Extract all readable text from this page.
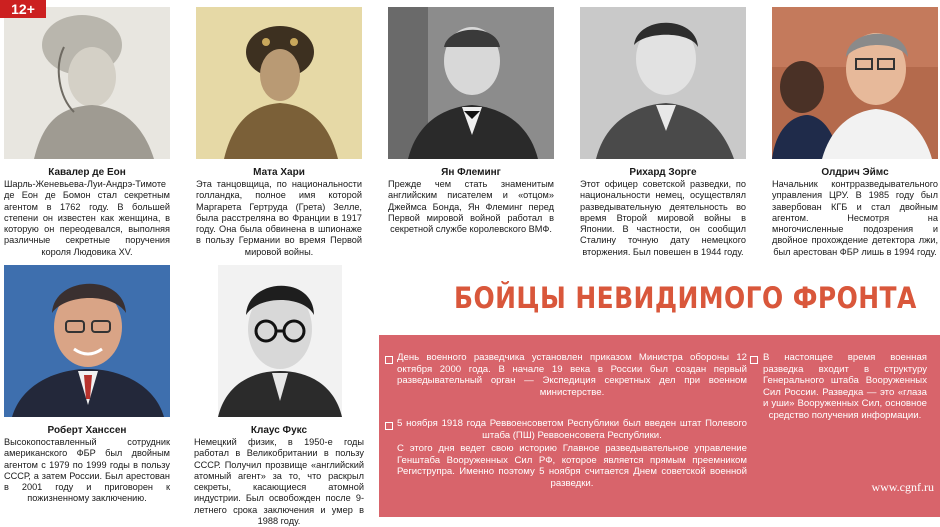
12+
Кавалер де Еон
Шарль-Женевьева-Луи-Андрэ-Тимоте де Еон де Бомон стал секретным агентом в 1762 году. В большей степени он известен как женщина, в которую он переодевался, выполняя различные секретные поручения короля Людовика XV.
Мата Хари
Эта танцовщица, по национальности голландка, полное имя которой Маргарета Гертруда (Грета) Зелле, была расстреляна во Франции в 1917 году. Она была обвинена в шпионаже в пользу Германии во время Первой мировой войны.
Ян Флеминг
Прежде чем стать знаменитым английским писателем и «отцом» Джеймса Бонда, Ян Флеминг перед Первой мировой войной работал в секретной службе королевского ВМФ.
Рихард Зорге
Этот офицер советской разведки, по национальности немец, осуществлял разведывательную деятельность во время Второй мировой войны в Японии. В частности, он сообщил Сталину точную дату немецкого вторжения. Был повешен в 1944 году.
Олдрич Эймс
Начальник контрразведывательного управления ЦРУ. В 1985 году был завербован КГБ и стал двойным агентом. Несмотря на многочисленные подозрения и двойное прохождение детектора лжи, был арестован ФБР лишь в 1994 году.
Роберт Ханссен
Высокопоставленный сотрудник американского ФБР был двойным агентом с 1979 по 1999 годы в пользу СССР, а затем России. Был арестован в 2001 году и приговорен к пожизненному заключению.
Клаус Фукс
Немецкий физик, в 1950-е годы работал в Великобритании в пользу СССР. Получил прозвище «английский атомный агент» за то, что раскрыл секреты, касающиеся атомной индустрии. Был освобожден после 9-летнего срока заключения и умер в 1988 году.
БОЙЦЫ НЕВИДИМОГО ФРОНТА
День военного разведчика установлен приказом Министра обороны 12 октября 2000 года. В начале 19 века в России был создан первый разведывательный орган — Экспедиция секретных дел при военном министерстве.
5 ноября 1918 года Реввоенсоветом Республики был введен штат Полевого штаба (ПШ) Реввоенсовета Республики.
С этого дня ведет свою историю Главное разведывательное управление Генштаба Вооруженных Сил РФ, которое является прямым преемником Региструпра. Именно поэтому 5 ноября считается Днем советской военной разведки.
В настоящее время военная разведка входит в структуру Генерального штаба Вооруженных Сил России. Разведка — это «глаза и уши» Вооруженных Сил, основное средство получения информации.
www.cgnf.ru
